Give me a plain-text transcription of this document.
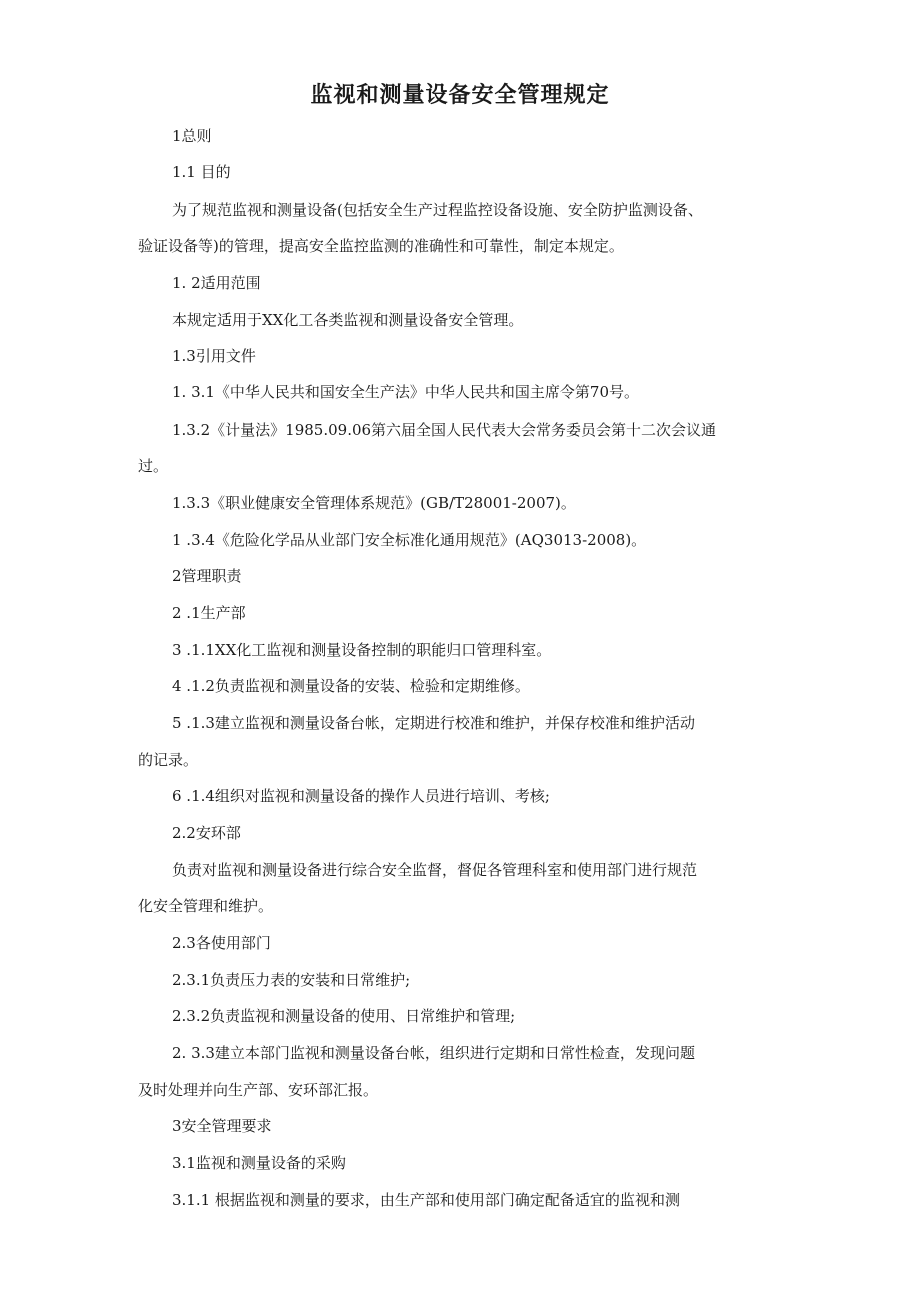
监视和测量设备安全管理规定
1总则
1.1 目的
为了规范监视和测量设备(包括安全生产过程监控设备设施、安全防护监测设备、
验证设备等)的管理，提高安全监控监测的准确性和可靠性，制定本规定。
1. 2适用范围
本规定适用于XX化工各类监视和测量设备安全管理。
1.3引用文件
1. 3.1《中华人民共和国安全生产法》中华人民共和国主席令第70号。
1.3.2《计量法》1985.09.06第六届全国人民代表大会常务委员会第十二次会议通
过。
1.3.3《职业健康安全管理体系规范》(GB/T28001-2007)。
1 .3.4《危险化学品从业部门安全标准化通用规范》(AQ3013-2008)。
2管理职责
2 .1生产部
3 .1.1XX化工监视和测量设备控制的职能归口管理科室。
4 .1.2负责监视和测量设备的安装、检验和定期维修。
5 .1.3建立监视和测量设备台帐，定期进行校准和维护，并保存校准和维护活动
的记录。
6 .1.4组织对监视和测量设备的操作人员进行培训、考核;
2.2安环部
负责对监视和测量设备进行综合安全监督，督促各管理科室和使用部门进行规范
化安全管理和维护。
2.3各使用部门
2.3.1负责压力表的安装和日常维护;
2.3.2负责监视和测量设备的使用、日常维护和管理;
2. 3.3建立本部门监视和测量设备台帐，组织进行定期和日常性检查，发现问题
及时处理并向生产部、安环部汇报。
3安全管理要求
3.1监视和测量设备的采购
3.1.1 根据监视和测量的要求，由生产部和使用部门确定配备适宜的监视和测
